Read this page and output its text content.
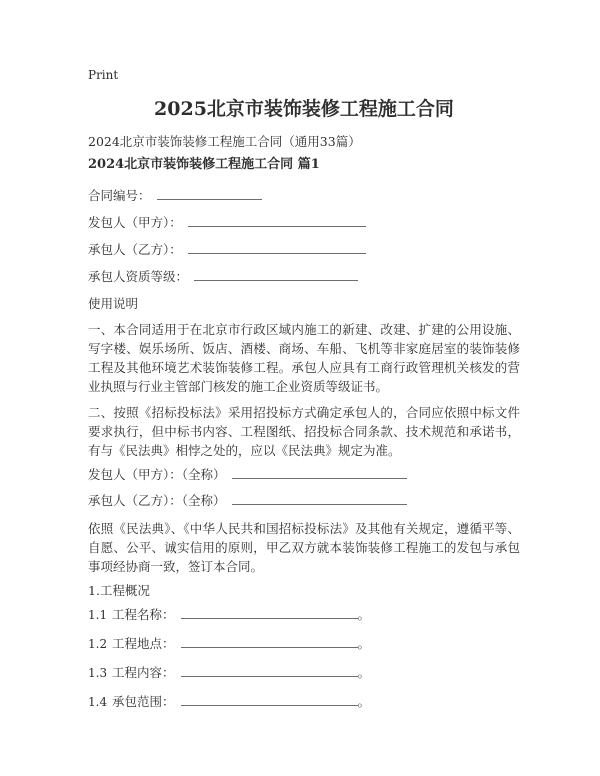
Print
2025北京市装饰装修工程施工合同
2024北京市装饰装修工程施工合同（通用33篇）
2024北京市装饰装修工程施工合同 篇1
合同编号：
发包人（甲方）：
承包人（乙方）：
承包人资质等级：
使用说明

一、本合同适用于在北京市行政区域内施工的新建、改建、扩建的公用设施、写字楼、娱乐场所、饭店、酒楼、商场、车船、飞机等非家庭居室的装饰装修工程及其他环境艺术装饰装修工程。承包人应具有工商行政管理机关核发的营业执照与行业主管部门核发的施工企业资质等级证书。

二、按照《招标投标法》采用招投标方式确定承包人的，合同应依照中标文件要求执行，但中标书内容、工程图纸、招投标合同条款、技术规范和承诺书，有与《民法典》相悖之处的，应以《民法典》规定为准。

发包人（甲方）：（全称）
承包人（乙方）：（全称）

依照《民法典》、《中华人民共和国招标投标法》及其他有关规定，遵循平等、自愿、公平、诚实信用的原则，甲乙双方就本装饰装修工程施工的发包与承包事项经协商一致，签订本合同。

1.工程概况
1.1 工程名称：	。
1.2 工程地点：	。
1.3 工程内容：	。
1.4 承包范围：	。
